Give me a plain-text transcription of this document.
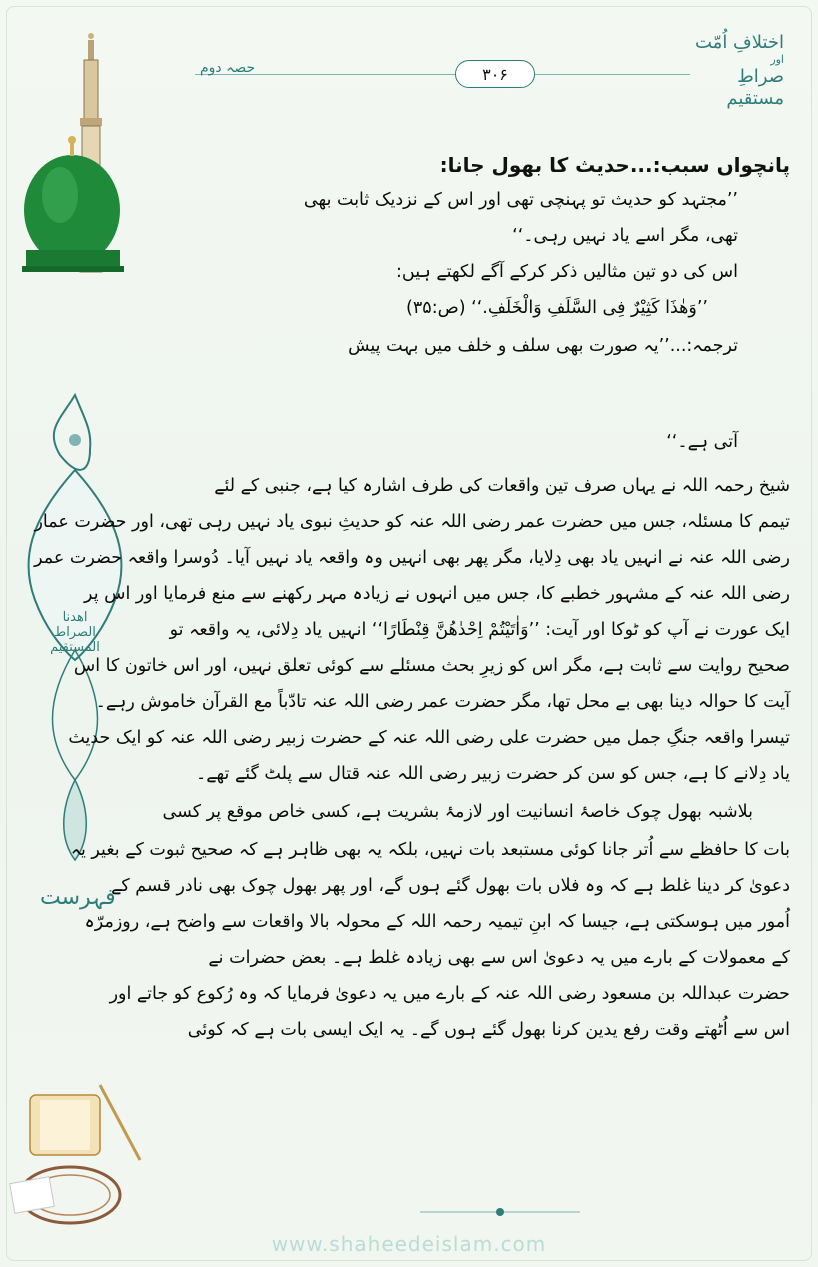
اھدنا الصراط المستقیم
فہرست
حصہ دوم	۳۰۶
اختلافِ اُمّت
اور
صراطِ مستقیم
پانچواں سبب:...حدیث کا بھول جانا:
’’مجتہد کو حدیث تو پہنچی تھی اور اس کے نزدیک ثابت بھی
تھی، مگر اسے یاد نہیں رہی۔‘‘
اس کی دو تین مثالیں ذکر کرکے آگے لکھتے ہیں:
’’وَھٰذَا کَثِیْرٌ فِی السَّلَفِ وَالْخَلَفِ.‘‘ (ص:۳۵)
ترجمہ:...’’یہ صورت بھی سلف و خلف میں بہت پیش
آتی ہے۔‘‘
شیخ رحمہ اللہ نے یہاں صرف تین واقعات کی طرف اشارہ کیا ہے، جنبی کے لئے
تیمم کا مسئلہ، جس میں حضرت عمر رضی اللہ عنہ کو حدیثِ نبوی یاد نہیں رہی تھی، اور حضرت عمار
رضی اللہ عنہ نے انہیں یاد بھی دِلایا، مگر پھر بھی انہیں وہ واقعہ یاد نہیں آیا۔ دُوسرا واقعہ حضرت عمر
رضی اللہ عنہ کے مشہور خطبے کا، جس میں انہوں نے زیادہ مہر رکھنے سے منع فرمایا اور اس پر
ایک عورت نے آپ کو ٹوکا اور آیت: ’’وَاٰتَیْتُمْ اِحْدٰھُنَّ قِنْطَارًا‘‘ انہیں یاد دِلائی، یہ واقعہ تو
صحیح روایت سے ثابت ہے، مگر اس کو زیرِ بحث مسئلے سے کوئی تعلق نہیں، اور اس خاتون کا اس
آیت کا حوالہ دینا بھی بے محل تھا، مگر حضرت عمر رضی اللہ عنہ تادّباً مع القرآن خاموش رہے۔
تیسرا واقعہ جنگِ جمل میں حضرت علی رضی اللہ عنہ کے حضرت زبیر رضی اللہ عنہ کو ایک حدیث
یاد دِلانے کا ہے، جس کو سن کر حضرت زبیر رضی اللہ عنہ قتال سے پلٹ گئے تھے۔
بلاشبہ بھول چوک خاصۂ انسانیت اور لازمۂ بشریت ہے، کسی خاص موقع پر کسی
بات کا حافظے سے اُتر جانا کوئی مستبعد بات نہیں، بلکہ یہ بھی ظاہر ہے کہ صحیح ثبوت کے بغیر یہ
دعویٰ کر دینا غلط ہے کہ وہ فلاں بات بھول گئے ہوں گے، اور پھر بھول چوک بھی نادر قسم کے
اُمور میں ہوسکتی ہے، جیسا کہ ابنِ تیمیہ رحمہ اللہ کے محولہ بالا واقعات سے واضح ہے، روزمرّہ
کے معمولات کے بارے میں یہ دعویٰ اس سے بھی زیادہ غلط ہے۔ بعض حضرات نے
حضرت عبداللہ بن مسعود رضی اللہ عنہ کے بارے میں یہ دعویٰ فرمایا کہ وہ رُکوع کو جاتے اور
اس سے اُٹھتے وقت رفع یدین کرنا بھول گئے ہوں گے۔ یہ ایک ایسی بات ہے کہ کوئی
www.shaheedeislam.com
